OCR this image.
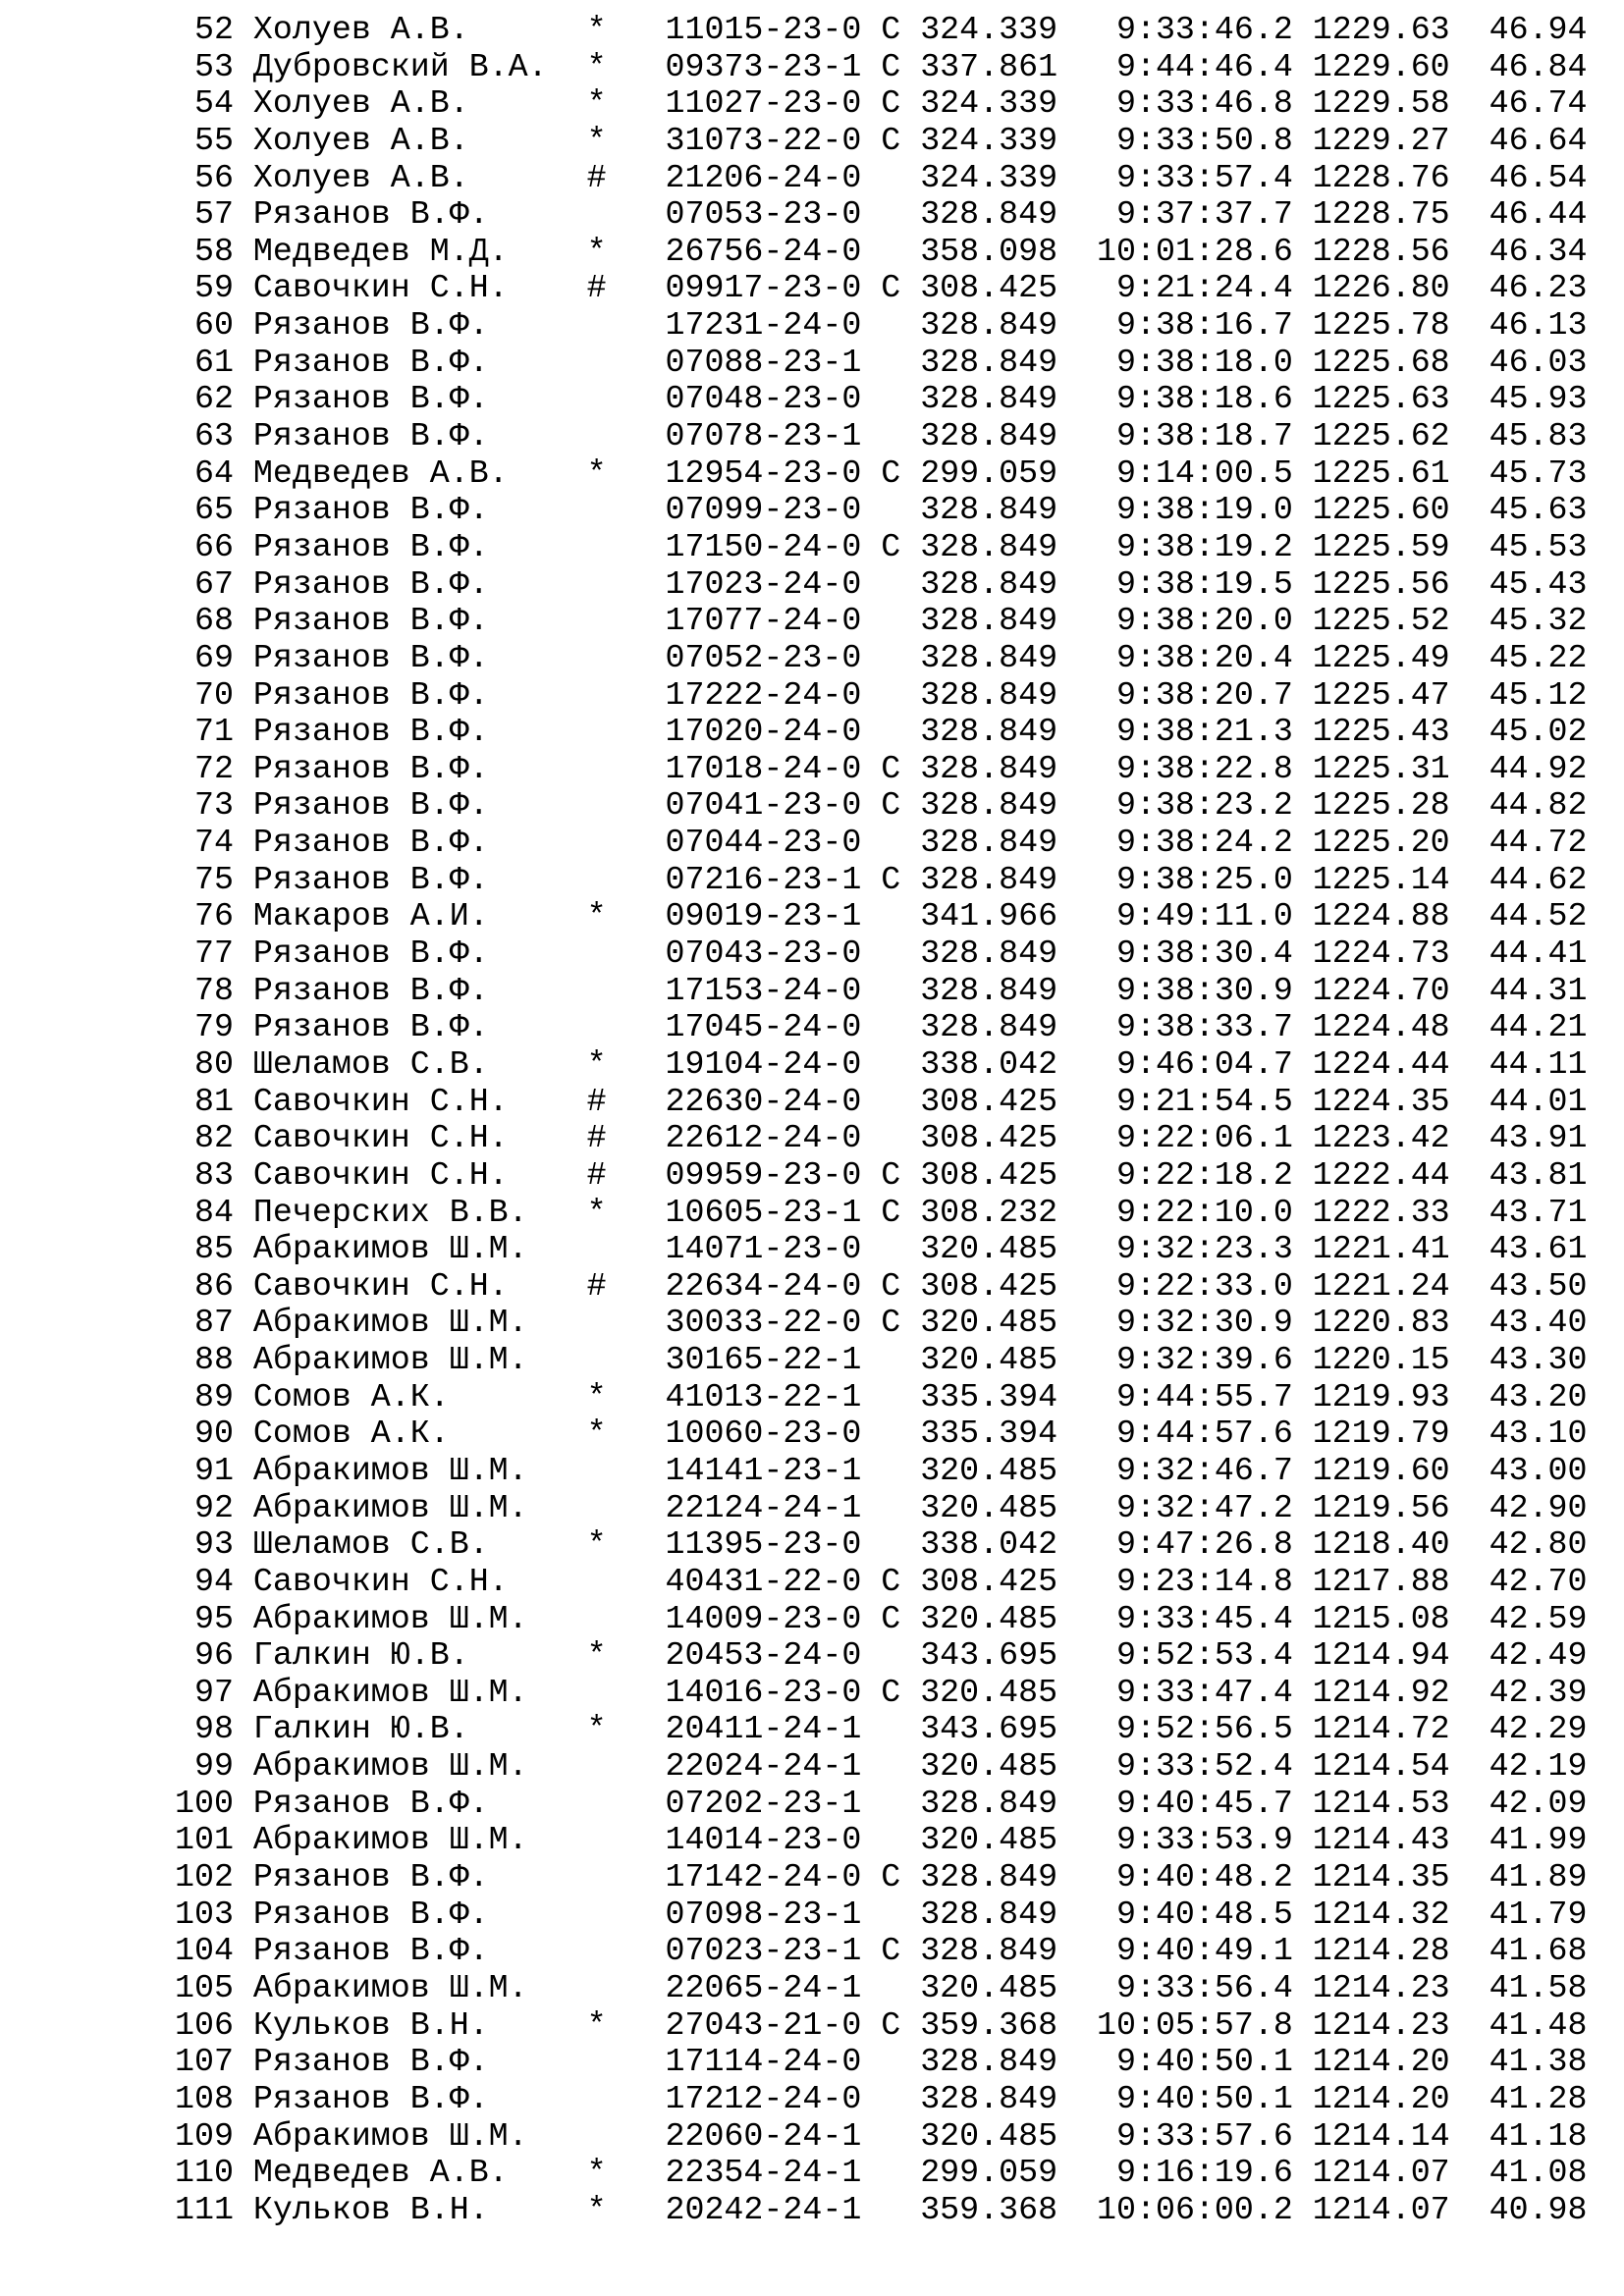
52 Холуев А.В.	* 11015-23-0 С 324.339	9:33:46.2 1229.63 46.94
53 Дубровский В.А.	* 09373-23-1 С 337.861	9:44:46.4 1229.60 46.84
54 Холуев А.В.	* 11027-23-0 С 324.339	9:33:46.8 1229.58 46.74
55 Холуев А.В.	* 31073-22-0 С 324.339	9:33:50.8 1229.27 46.64
56 Холуев А.В.	# 21206-24-0 324.339	9:33:57.4 1228.76 46.54
57 Рязанов В.Ф.	07053-23-0 328.849	9:37:37.7 1228.75 46.44
58 Медведев М.Д.	* 26756-24-0 358.098 10:01:28.6 1228.56 46.34
59 Савочкин С.Н.	# 09917-23-0 С 308.425	9:21:24.4 1226.80 46.23
60 Рязанов В.Ф.	17231-24-0 328.849	9:38:16.7 1225.78 46.13
61 Рязанов В.Ф.	07088-23-1 328.849	9:38:18.0 1225.68 46.03
62 Рязанов В.Ф.	07048-23-0 328.849	9:38:18.6 1225.63 45.93
63 Рязанов В.Ф.	07078-23-1 328.849	9:38:18.7 1225.62 45.83
64 Медведев А.В.	* 12954-23-0 С 299.059	9:14:00.5 1225.61 45.73
65 Рязанов В.Ф.	07099-23-0 328.849	9:38:19.0 1225.60 45.63
66 Рязанов В.Ф.	17150-24-0 С 328.849	9:38:19.2 1225.59 45.53
67 Рязанов В.Ф.	17023-24-0 328.849	9:38:19.5 1225.56 45.43
68 Рязанов В.Ф.	17077-24-0 328.849	9:38:20.0 1225.52 45.32
69 Рязанов В.Ф.	07052-23-0 328.849	9:38:20.4 1225.49 45.22
70 Рязанов В.Ф.	17222-24-0 328.849	9:38:20.7 1225.47 45.12
71 Рязанов В.Ф.	17020-24-0 328.849	9:38:21.3 1225.43 45.02
72 Рязанов В.Ф.	17018-24-0 С 328.849	9:38:22.8 1225.31 44.92
73 Рязанов В.Ф.	07041-23-0 С 328.849	9:38:23.2 1225.28 44.82
74 Рязанов В.Ф.	07044-23-0 328.849	9:38:24.2 1225.20 44.72
75 Рязанов В.Ф.	07216-23-1 С 328.849	9:38:25.0 1225.14 44.62
76 Макаров А.И.	* 09019-23-1 341.966	9:49:11.0 1224.88 44.52
77 Рязанов В.Ф.	07043-23-0 328.849	9:38:30.4 1224.73 44.41
78 Рязанов В.Ф.	17153-24-0 328.849	9:38:30.9 1224.70 44.31
79 Рязанов В.Ф.	17045-24-0 328.849	9:38:33.7 1224.48 44.21
80 Шеламов С.В.	* 19104-24-0 338.042	9:46:04.7 1224.44 44.11
81 Савочкин С.Н.	# 22630-24-0 308.425	9:21:54.5 1224.35 44.01
82 Савочкин С.Н.	# 22612-24-0 308.425	9:22:06.1 1223.42 43.91
83 Савочкин С.Н.	# 09959-23-0 С 308.425	9:22:18.2 1222.44 43.81
84 Печерских В.В.	* 10605-23-1 С 308.232	9:22:10.0 1222.33 43.71
85 Абракимов Ш.М.	14071-23-0 320.485	9:32:23.3 1221.41 43.61
86 Савочкин С.Н.	# 22634-24-0 С 308.425	9:22:33.0 1221.24 43.50
87 Абракимов Ш.М.	30033-22-0 С 320.485	9:32:30.9 1220.83 43.40
88 Абракимов Ш.М.	30165-22-1 320.485	9:32:39.6 1220.15 43.30
89 Сомов А.К.	* 41013-22-1 335.394	9:44:55.7 1219.93 43.20
90 Сомов А.К.	* 10060-23-0 335.394	9:44:57.6 1219.79 43.10
91 Абракимов Ш.М.	14141-23-1 320.485	9:32:46.7 1219.60 43.00
92 Абракимов Ш.М.	22124-24-1 320.485	9:32:47.2 1219.56 42.90
93 Шеламов С.В.	* 11395-23-0 338.042	9:47:26.8 1218.40 42.80
94 Савочкин С.Н.	40431-22-0 С 308.425	9:23:14.8 1217.88 42.70
95 Абракимов Ш.М.	14009-23-0 С 320.485	9:33:45.4 1215.08 42.59
96 Галкин Ю.В.	* 20453-24-0 343.695	9:52:53.4 1214.94 42.49
97 Абракимов Ш.М.	14016-23-0 С 320.485	9:33:47.4 1214.92 42.39
98 Галкин Ю.В.	* 20411-24-1 343.695	9:52:56.5 1214.72 42.29
99 Абракимов Ш.М.	22024-24-1 320.485	9:33:52.4 1214.54 42.19
100 Рязанов В.Ф.	07202-23-1 328.849	9:40:45.7 1214.53 42.09
101 Абракимов Ш.М.	14014-23-0 320.485	9:33:53.9 1214.43 41.99
102 Рязанов В.Ф.	17142-24-0 С 328.849	9:40:48.2 1214.35 41.89
103 Рязанов В.Ф.	07098-23-1 328.849	9:40:48.5 1214.32 41.79
104 Рязанов В.Ф.	07023-23-1 С 328.849	9:40:49.1 1214.28 41.68
105 Абракимов Ш.М.	22065-24-1 320.485	9:33:56.4 1214.23 41.58
106 Кульков В.Н.	* 27043-21-0 С 359.368 10:05:57.8 1214.23 41.48
107 Рязанов В.Ф.	17114-24-0 328.849	9:40:50.1 1214.20 41.38
108 Рязанов В.Ф.	17212-24-0 328.849	9:40:50.1 1214.20 41.28
109 Абракимов Ш.М.	22060-24-1 320.485	9:33:57.6 1214.14 41.18
110 Медведев А.В.	* 22354-24-1 299.059	9:16:19.6 1214.07 41.08
111 Кульков В.Н.	* 20242-24-1 359.368 10:06:00.2 1214.07 40.98
